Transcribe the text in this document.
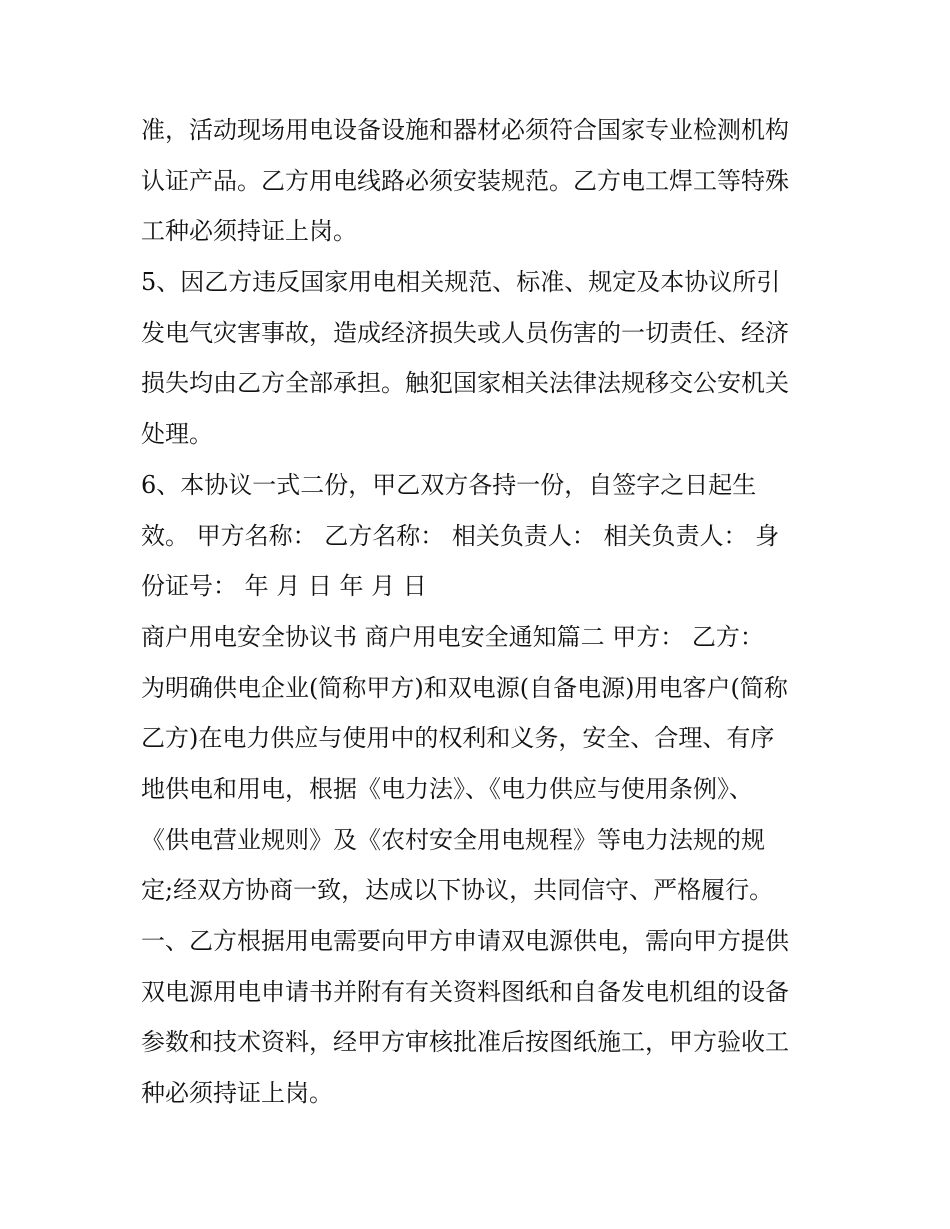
准，活动现场用电设备设施和器材必须符合国家专业检测机构
认证产品。乙方用电线路必须安装规范。乙方电工焊工等特殊
工种必须持证上岗。
5、因乙方违反国家用电相关规范、标准、规定及本协议所引
发电气灾害事故，造成经济损失或人员伤害的一切责任、经济
损失均由乙方全部承担。触犯国家相关法律法规移交公安机关
处理。
6、本协议一式二份，甲乙双方各持一份，自签字之日起生
效。 甲方名称： 乙方名称： 相关负责人： 相关负责人： 身
份证号： 年 月 日 年 月 日
商户用电安全协议书 商户用电安全通知篇二 甲方： 乙方：
为明确供电企业(简称甲方)和双电源(自备电源)用电客户(简称
乙方)在电力供应与使用中的权利和义务，安全、合理、有序
地供电和用电，根据《电力法》、《电力供应与使用条例》、
《供电营业规则》及《农村安全用电规程》等电力法规的规
定;经双方协商一致，达成以下协议，共同信守、严格履行。
一、乙方根据用电需要向甲方申请双电源供电，需向甲方提供
双电源用电申请书并附有有关资料图纸和自备发电机组的设备
参数和技术资料，经甲方审核批准后按图纸施工，甲方验收工
种必须持证上岗。
